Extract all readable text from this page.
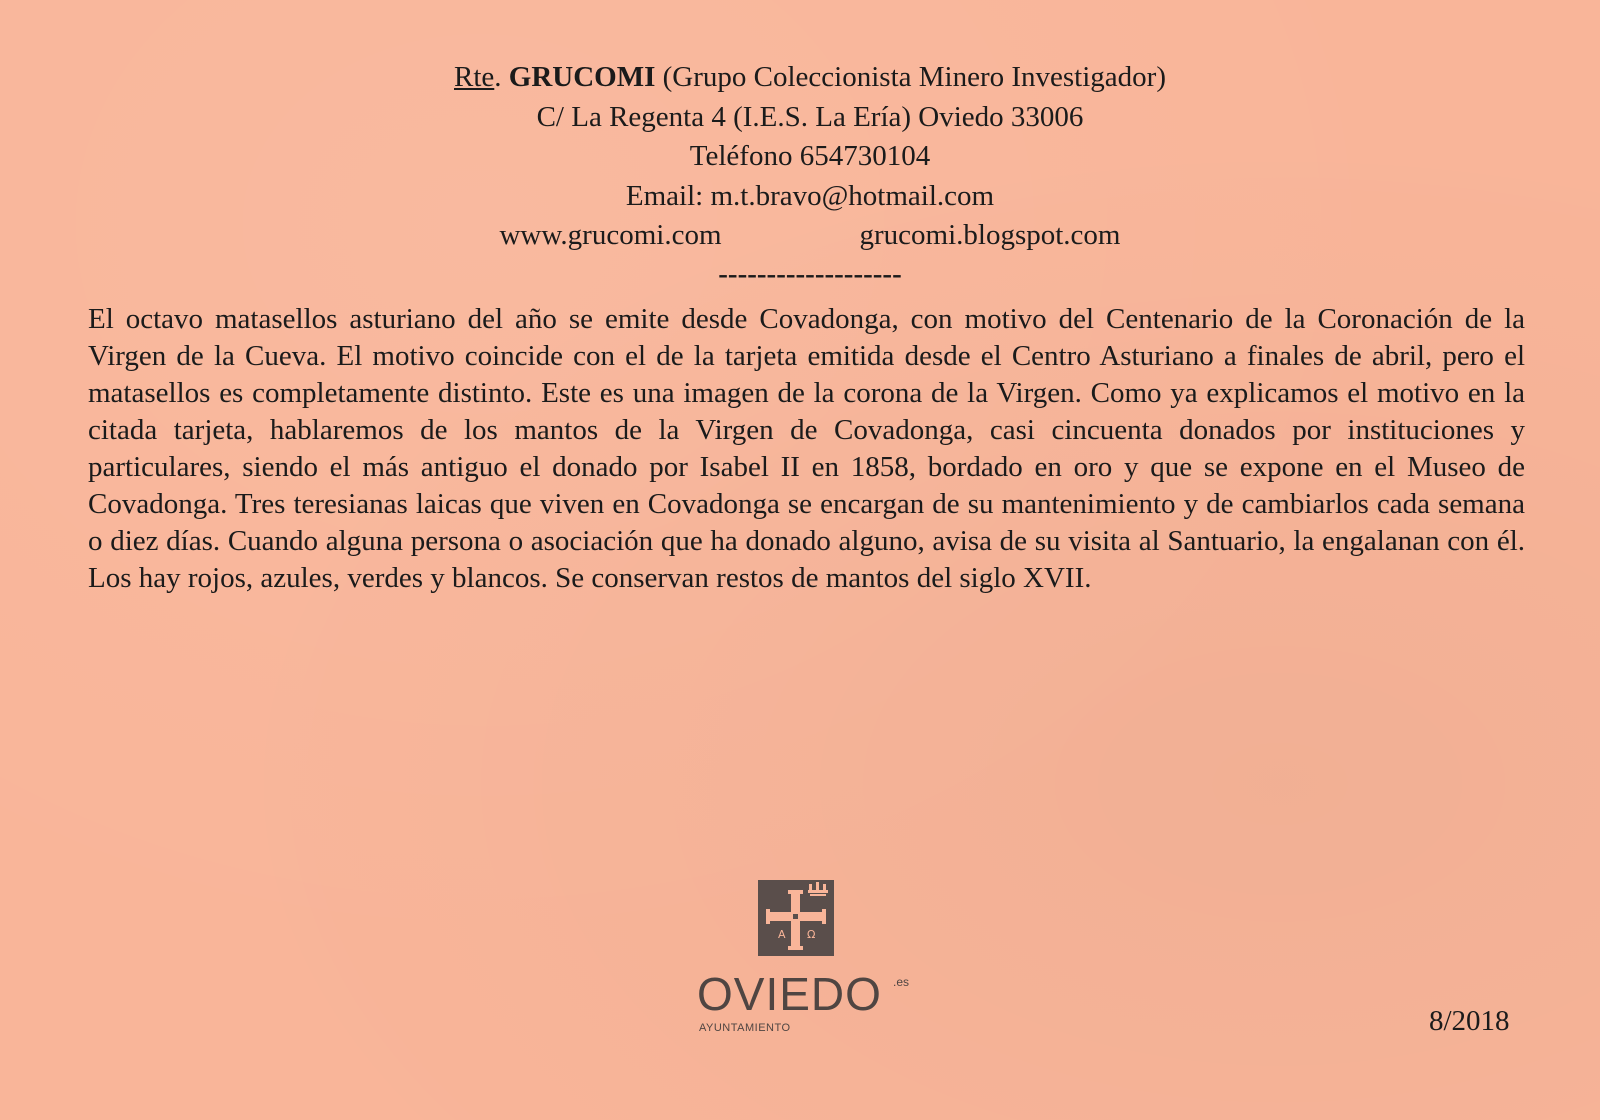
Rte. GRUCOMI (Grupo Coleccionista Minero Investigador)
C/ La Regenta 4 (I.E.S. La Ería) Oviedo 33006
Teléfono 654730104
Email: m.t.bravo@hotmail.com
www.grucomi.com	grucomi.blogspot.com
-------------------
El octavo matasellos asturiano del año se emite desde Covadonga, con motivo del Centenario de la Coronación de la Virgen de la Cueva. El motivo coincide con el de la tarjeta emitida desde el Centro Asturiano a finales de abril, pero el matasellos es completamente distinto. Este es una imagen de la corona de la Virgen. Como ya explicamos el motivo en la citada tarjeta, hablaremos de los mantos de la Virgen de Covadonga, casi cincuenta donados por instituciones y particulares, siendo el más antiguo el donado por Isabel II en 1858, bordado en oro y que se expone en el Museo de Covadonga. Tres teresianas laicas que viven en Covadonga se encargan de su mantenimiento y de cambiarlos cada semana o diez días. Cuando alguna persona o asociación que ha donado alguno, avisa de su visita al Santuario, la engalanan con él. Los hay rojos, azules, verdes y blancos. Se conservan restos de mantos del siglo XVII.
Α Ω
OVIEDO .es
AYUNTAMIENTO	8/2018
